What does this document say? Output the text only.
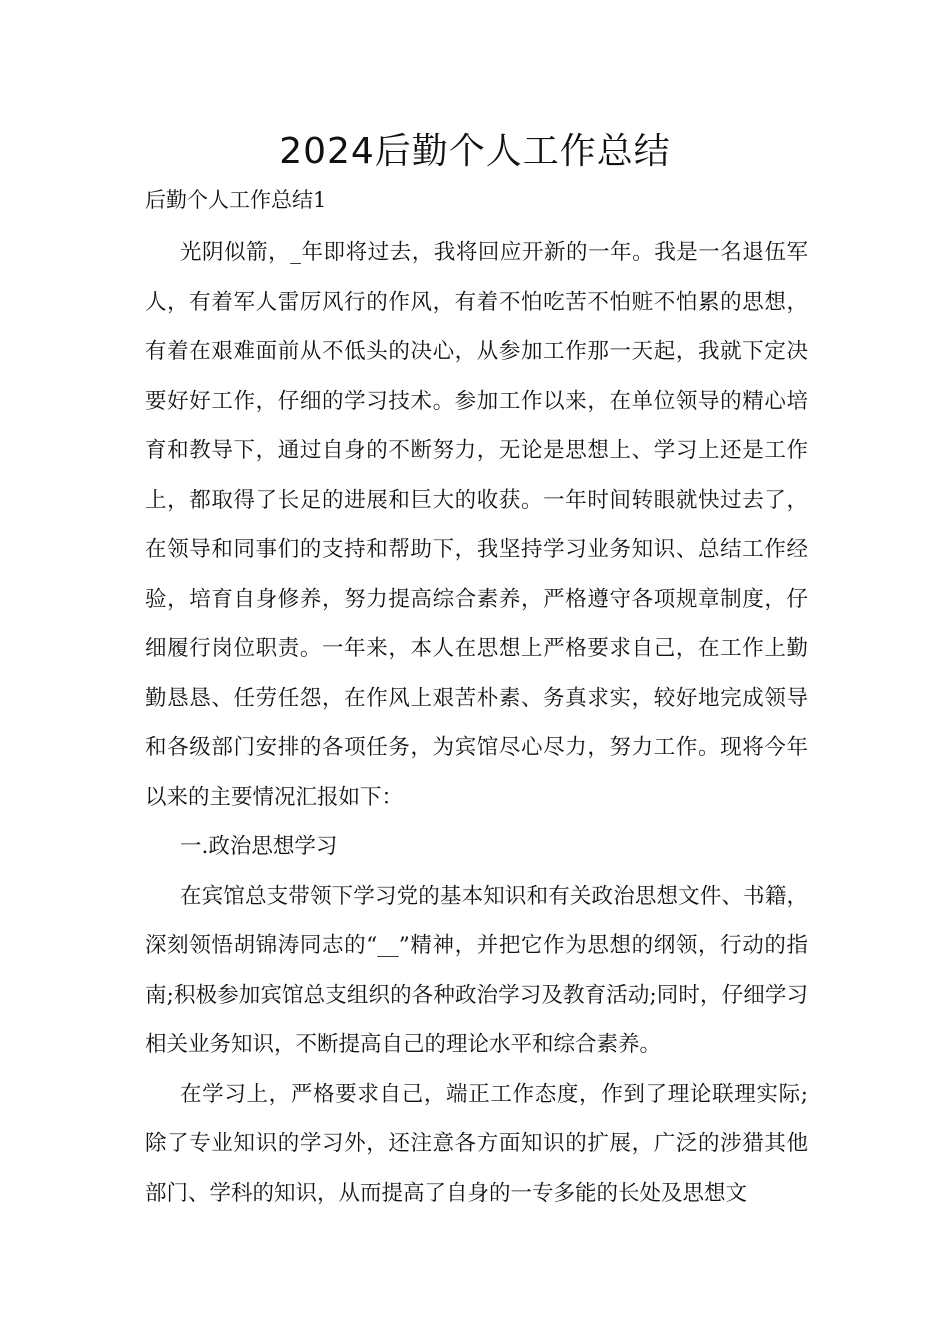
2024后勤个人工作总结
后勤个人工作总结1

光阴似箭，_年即将过去，我将回应开新的一年。我是一名退伍军人，有着军人雷厉风行的作风，有着不怕吃苦不怕赃不怕累的思想，有着在艰难面前从不低头的决心，从参加工作那一天起，我就下定决要好好工作，仔细的学习技术。参加工作以来，在单位领导的精心培育和教导下，通过自身的不断努力，无论是思想上、学习上还是工作上，都取得了长足的进展和巨大的收获。一年时间转眼就快过去了，在领导和同事们的支持和帮助下，我坚持学习业务知识、总结工作经验，培育自身修养，努力提高综合素养，严格遵守各项规章制度，仔细履行岗位职责。一年来，本人在思想上严格要求自己，在工作上勤勤恳恳、任劳任怨，在作风上艰苦朴素、务真求实，较好地完成领导和各级部门安排的各项任务，为宾馆尽心尽力，努力工作。现将今年以来的主要情况汇报如下：

一.政治思想学习

在宾馆总支带领下学习党的基本知识和有关政治思想文件、书籍，深刻领悟胡锦涛同志的“__”精神，并把它作为思想的纲领，行动的指南;积极参加宾馆总支组织的各种政治学习及教育活动;同时，仔细学习相关业务知识，不断提高自己的理论水平和综合素养。

在学习上，严格要求自己，端正工作态度，作到了理论联理实际;除了专业知识的学习外，还注意各方面知识的扩展，广泛的涉猎其他部门、学科的知识，从而提高了自身的一专多能的长处及思想文
